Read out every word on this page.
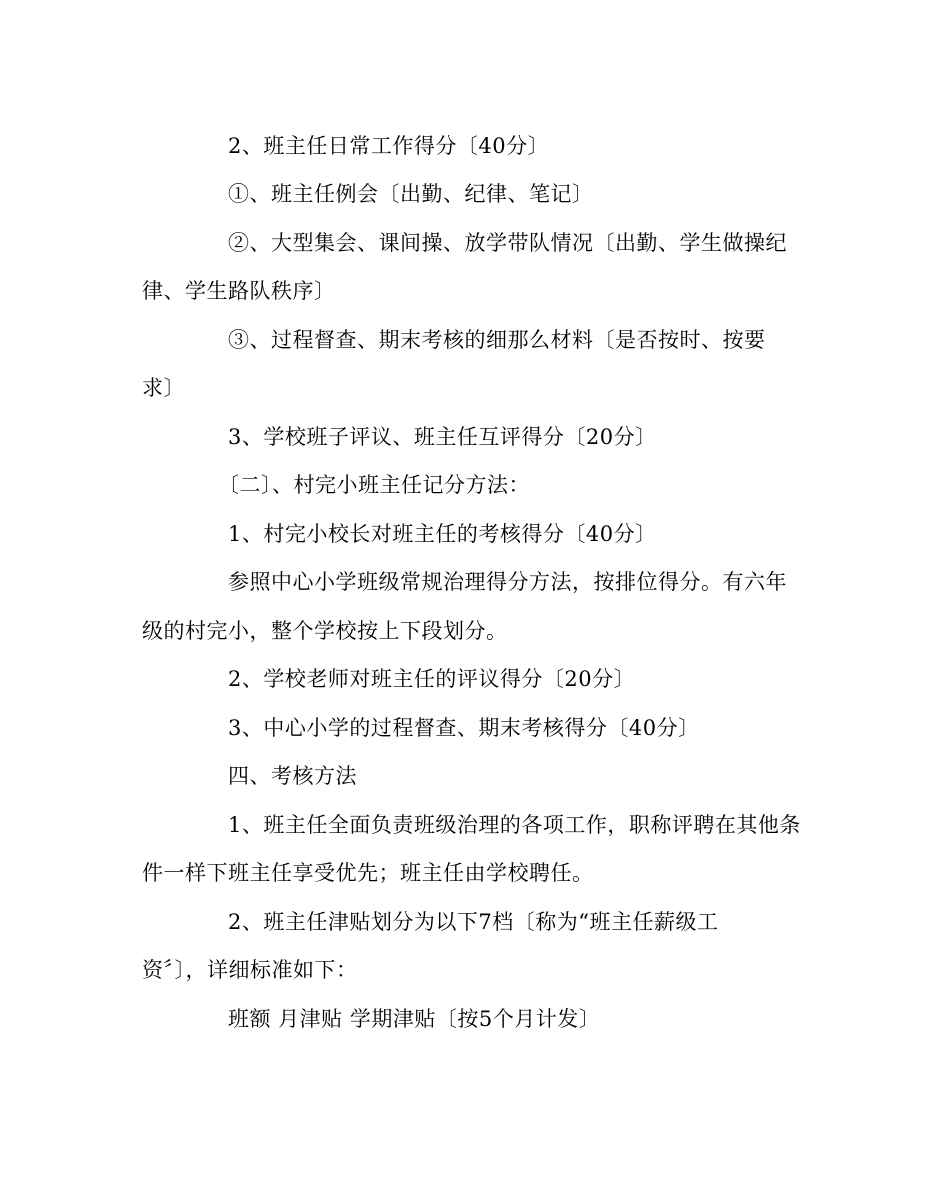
2、班主任日常工作得分〔40分〕
①、班主任例会〔出勤、纪律、笔记〕
②、大型集会、课间操、放学带队情况〔出勤、学生做操纪
律、学生路队秩序〕
③、过程督查、期末考核的细那么材料〔是否按时、按要
求〕
3、学校班子评议、班主任互评得分〔20分〕
〔二〕、村完小班主任记分方法：
1、村完小校长对班主任的考核得分〔40分〕
参照中心小学班级常规治理得分方法，按排位得分。有六年
级的村完小，整个学校按上下段划分。
2、学校老师对班主任的评议得分〔20分〕
3、中心小学的过程督查、期末考核得分〔40分〕
四、考核方法
1、班主任全面负责班级治理的各项工作，职称评聘在其他条
件一样下班主任享受优先；班主任由学校聘任。
2、班主任津贴划分为以下7档〔称为“班主任薪级工
资〞〕，详细标准如下：
班额 月津贴 学期津贴〔按5个月计发〕
